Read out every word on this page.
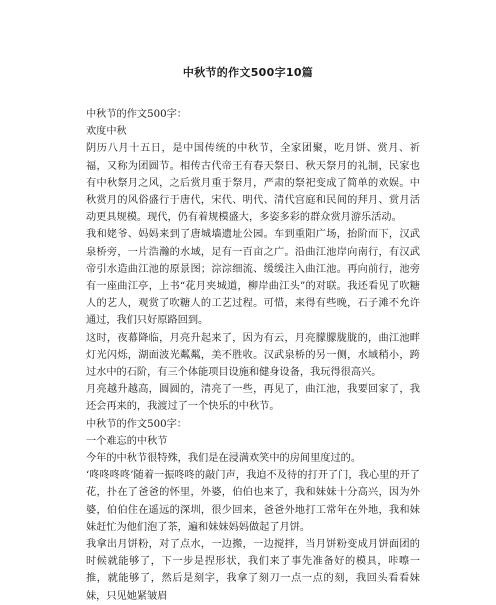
中秋节的作文500字10篇

中秋节的作文500字：

欢度中秋

阴历八月十五日，是中国传统的中秋节，全家团聚，吃月饼、赏月、祈福，又称为团圆节。相传古代帝王有春天祭日、秋天祭月的礼制，民家也有中秋祭月之风，之后赏月重于祭月，严肃的祭祀变成了简单的欢娱。中秋赏月的风俗盛行于唐代，宋代、明代、清代宫庭和民间的拜月、赏月活动更具规模。现代，仍有着规模盛大，多姿多彩的群众赏月游乐活动。

我和姥爷、妈妈来到了唐城墙遗址公园。车到重阳广场，抬阶而下，汉武泉桥旁，一片浩瀚的水域，足有一百亩之广。沿曲江池岸向南行，有汉武帝引水造曲江池的原景图；淙淙细流、缓缓注入曲江池。再向前行，池旁有一座曲江亭，上书“花月夹城道，柳岸曲江头”的对联。我还看见了吹糖人的艺人，观赏了吹糖人的工艺过程。可惜，来得有些晚，石子滩不允许通过，我们只好原路回到。

这时，夜幕降临，月亮升起来了，因为有云，月亮朦朦胧胧的，曲江池畔灯光闪烁，湖面波光粼粼，美不胜收。汉武泉桥的另一侧，水域稍小，跨过水中的石阶，有三个体能项目设施和健身设备，我玩得很高兴。

月亮越升越高，圆圆的，清亮了一些，再见了，曲江池，我要回家了，我还会再来的，我渡过了一个快乐的中秋节。

中秋节的作文500字：

一个难忘的中秋节

今年的中秋节很特殊，我们是在浸满欢笑中的房间里度过的。

‘咚咚咚咚’随着一振咚咚的敲门声，我迫不及待的打开了门，我心里的开了花，扑在了爸爸的怀里，外婆，伯伯也来了，我和妹妹十分高兴，因为外婆，伯伯住在遥远的深圳，很少回来，爸爸外地打工常年在外地，我和妹妹赶忙为他们泡了茶，遍和妹妹妈妈做起了月饼。

我拿出月饼粉，对了点水，一边搬，一边搅拌，当月饼粉变成月饼面团的时候就能够了，下一步是捏形状，我们来了事先准备好的模具，咔嚓一推，就能够了，然后是刻字，我拿了刻刀一点一点的刻，我回头看看妹妹，只见她紧皱眉
